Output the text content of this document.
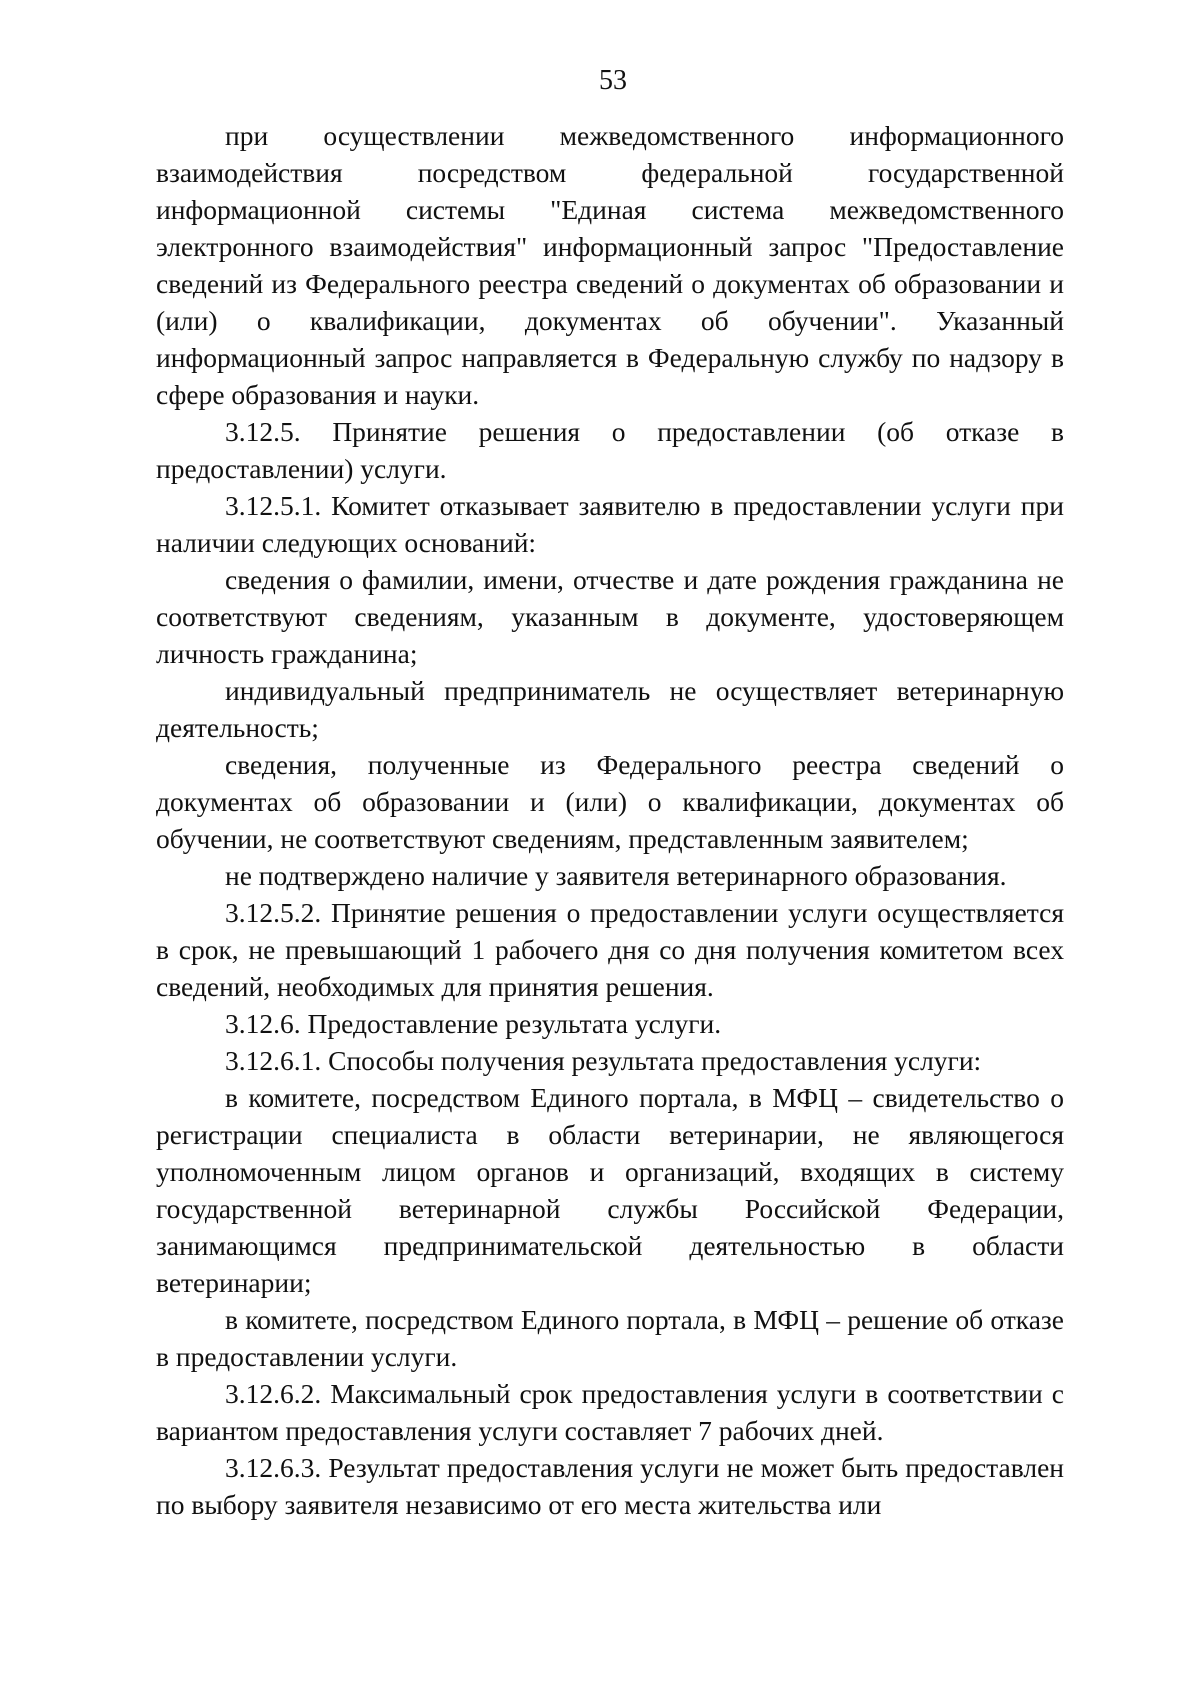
53

при осуществлении межведомственного информационного взаимодействия посредством федеральной государственной информационной системы "Единая система межведомственного электронного взаимодействия" информационный запрос "Предоставление сведений из Федерального реестра сведений о документах об образовании и (или) о квалификации, документах об обучении". Указанный информационный запрос направляется в Федеральную службу по надзору в сфере образования и науки.

3.12.5. Принятие решения о предоставлении (об отказе в предоставлении) услуги.

3.12.5.1. Комитет отказывает заявителю в предоставлении услуги при наличии следующих оснований:

сведения о фамилии, имени, отчестве и дате рождения гражданина не соответствуют сведениям, указанным в документе, удостоверяющем личность гражданина;

индивидуальный предприниматель не осуществляет ветеринарную деятельность;

сведения, полученные из Федерального реестра сведений о документах об образовании и (или) о квалификации, документах об обучении, не соответствуют сведениям, представленным заявителем;

не подтверждено наличие у заявителя ветеринарного образования.

3.12.5.2. Принятие решения о предоставлении услуги осуществляется в срок, не превышающий 1 рабочего дня со дня получения комитетом всех сведений, необходимых для принятия решения.

3.12.6. Предоставление результата услуги.

3.12.6.1. Способы получения результата предоставления услуги:

в комитете, посредством Единого портала, в МФЦ – свидетельство о регистрации специалиста в области ветеринарии, не являющегося уполномоченным лицом органов и организаций, входящих в систему государственной ветеринарной службы Российской Федерации, занимающимся предпринимательской деятельностью в области ветеринарии;

в комитете, посредством Единого портала, в МФЦ – решение об отказе в предоставлении услуги.

3.12.6.2. Максимальный срок предоставления услуги в соответствии с вариантом предоставления услуги составляет 7 рабочих дней.

3.12.6.3. Результат предоставления услуги не может быть предоставлен по выбору заявителя независимо от его места жительства или
